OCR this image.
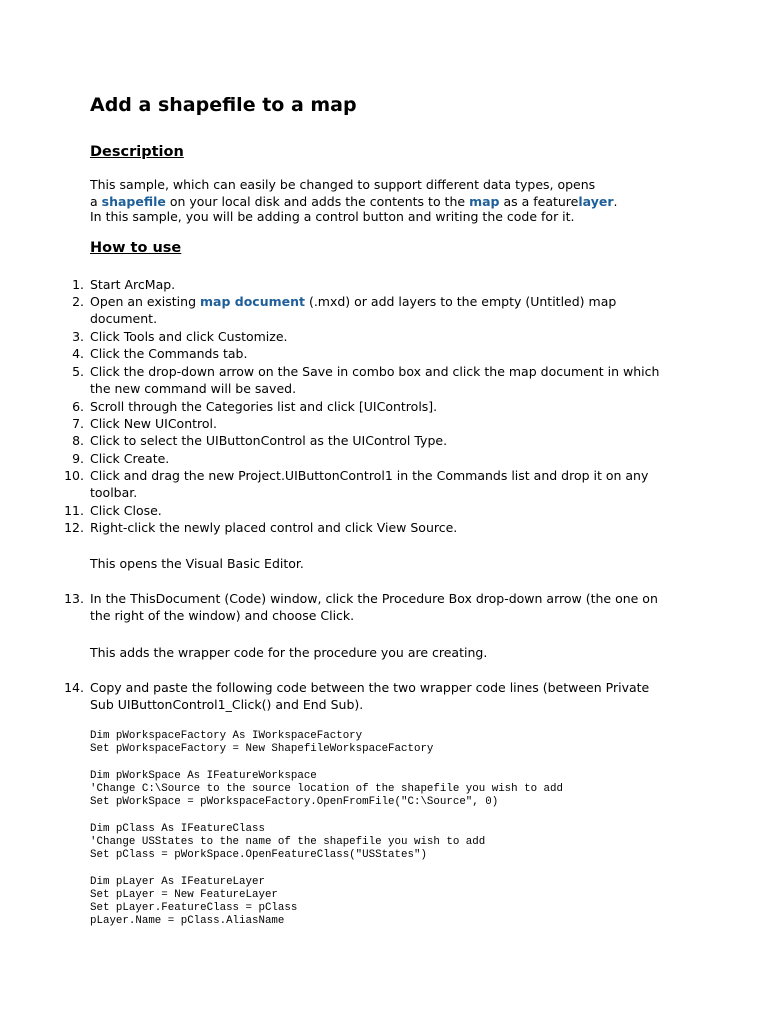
Add a shapefile to a map
Description

This sample, which can easily be changed to support different data types, opens

a shapefile on your local disk and adds the contents to the map as a featurelayer.

In this sample, you will be adding a control button and writing the code for it.

How to use
1. Start ArcMap.
2. Open an existing map document (.mxd) or add layers to the empty (Untitled) map
document.
3. Click Tools and click Customize.
4. Click the Commands tab.
5. Click the drop-down arrow on the Save in combo box and click the map document in which
the new command will be saved.
6. Scroll through the Categories list and click [UIControls].
7. Click New UIControl.
8. Click to select the UIButtonControl as the UIControl Type.
9. Click Create.
10. Click and drag the new Project.UIButtonControl1 in the Commands list and drop it on any
toolbar.
11. Click Close.
12. Right-click the newly placed control and click View Source.

This opens the Visual Basic Editor.

13. In the ThisDocument (Code) window, click the Procedure Box drop-down arrow (the one on
the right of the window) and choose Click.

This adds the wrapper code for the procedure you are creating.

14. Copy and paste the following code between the two wrapper code lines (between Private
Sub UIButtonControl1_Click() and End Sub).
Dim pWorkspaceFactory As IWorkspaceFactory
Set pWorkspaceFactory = New ShapefileWorkspaceFactory
Dim pWorkSpace As IFeatureWorkspace
'Change C:\Source to the source location of the shapefile you wish to add
Set pWorkSpace = pWorkspaceFactory.OpenFromFile("C:\Source", 0)
Dim pClass As IFeatureClass
'Change USStates to the name of the shapefile you wish to add
Set pClass = pWorkSpace.OpenFeatureClass("USStates")
Dim pLayer As IFeatureLayer
Set pLayer = New FeatureLayer
Set pLayer.FeatureClass = pClass
pLayer.Name = pClass.AliasName
